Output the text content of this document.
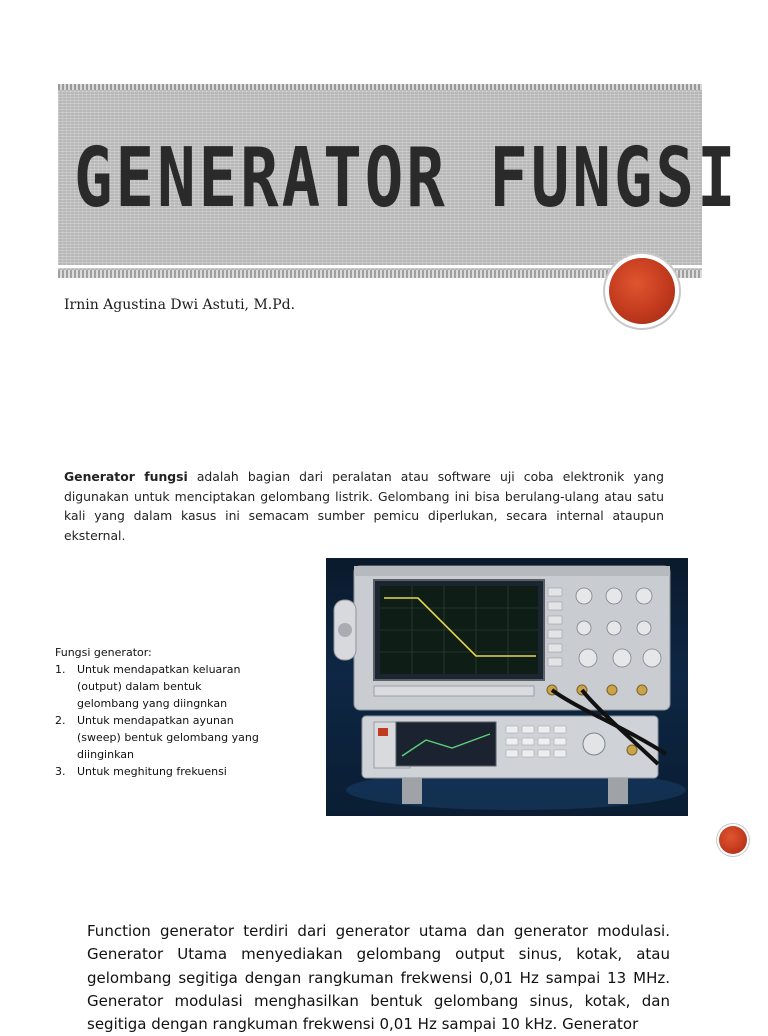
GENERATOR FUNGSI
Irnin Agustina Dwi Astuti, M.Pd.
Generator fungsi adalah bagian dari peralatan atau software uji coba elektronik yang digunakan untuk menciptakan gelombang listrik. Gelombang ini bisa berulang-ulang atau satu kali yang dalam kasus ini semacam sumber pemicu diperlukan, secara internal ataupun eksternal.
Fungsi generator:
1. Untuk mendapatkan keluaran (output) dalam bentuk gelombang yang diingnkan
2. Untuk mendapatkan ayunan (sweep) bentuk gelombang yang diinginkan
3. Untuk meghitung frekuensi
Function generator terdiri dari generator utama dan generator modulasi. Generator Utama menyediakan gelombang output sinus, kotak, atau gelombang segitiga dengan rangkuman frekwensi 0,01 Hz sampai 13 MHz. Generator modulasi menghasilkan bentuk gelombang sinus, kotak, dan segitiga dengan rangkuman frekwensi 0,01 Hz sampai 10 kHz. Generator
